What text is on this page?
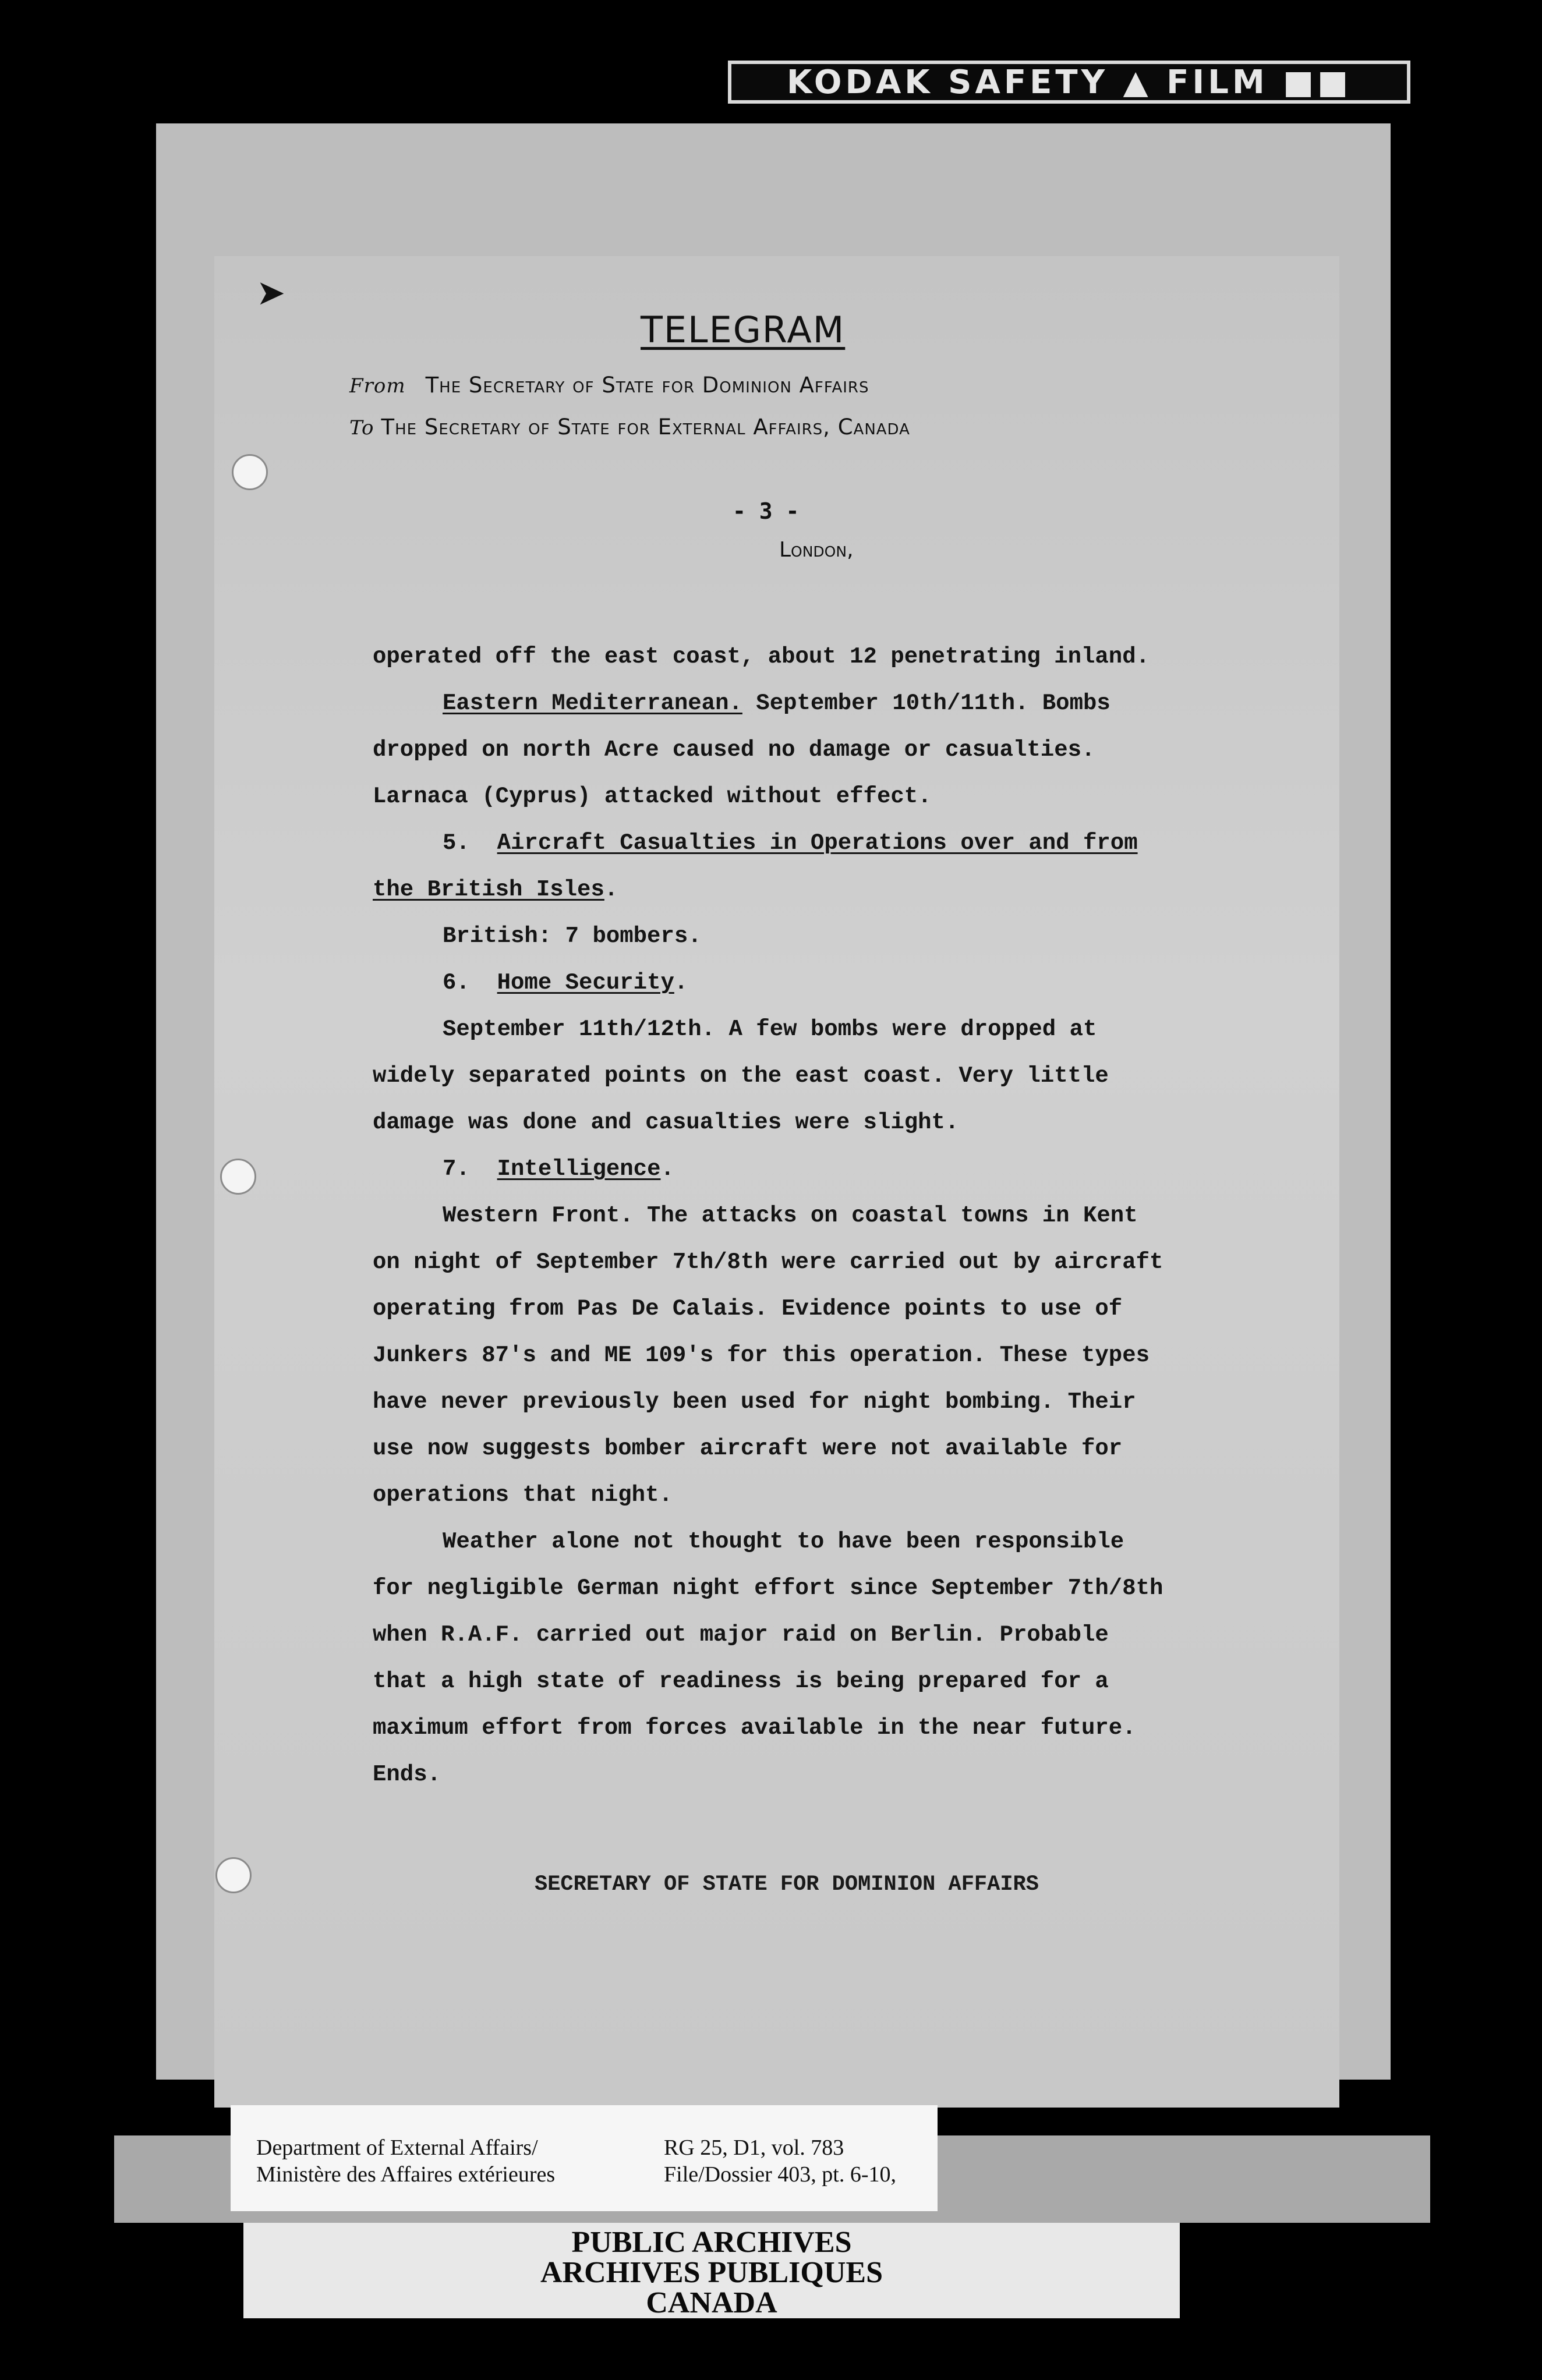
KODAK SAFETY ▲ FILM ■■
➤
TELEGRAM
From The Secretary of State for Dominion Affairs
To The Secretary of State for External Affairs, Canada
- 3 -
London,
operated off the east coast, about 12 penetrating inland.
Eastern Mediterranean. September 10th/11th. Bombs
dropped on north Acre caused no damage or casualties.
Larnaca (Cyprus) attacked without effect.
5. Aircraft Casualties in Operations over and from
the British Isles.
British: 7 bombers.
6. Home Security.
September 11th/12th. A few bombs were dropped at
widely separated points on the east coast. Very little
damage was done and casualties were slight.
7. Intelligence.
Western Front. The attacks on coastal towns in Kent
on night of September 7th/8th were carried out by aircraft
operating from Pas De Calais. Evidence points to use of
Junkers 87's and ME 109's for this operation. These types
have never previously been used for night bombing. Their
use now suggests bomber aircraft were not available for
operations that night.
Weather alone not thought to have been responsible
for negligible German night effort since September 7th/8th
when R.A.F. carried out major raid on Berlin. Probable
that a high state of readiness is being prepared for a
maximum effort from forces available in the near future.
Ends.
SECRETARY OF STATE FOR DOMINION AFFAIRS
Department of External Affairs/
Ministère des Affaires extérieures
RG 25, D1, vol. 783
File/Dossier 403, pt. 6-10,
PUBLIC ARCHIVES
ARCHIVES PUBLIQUES
CANADA
